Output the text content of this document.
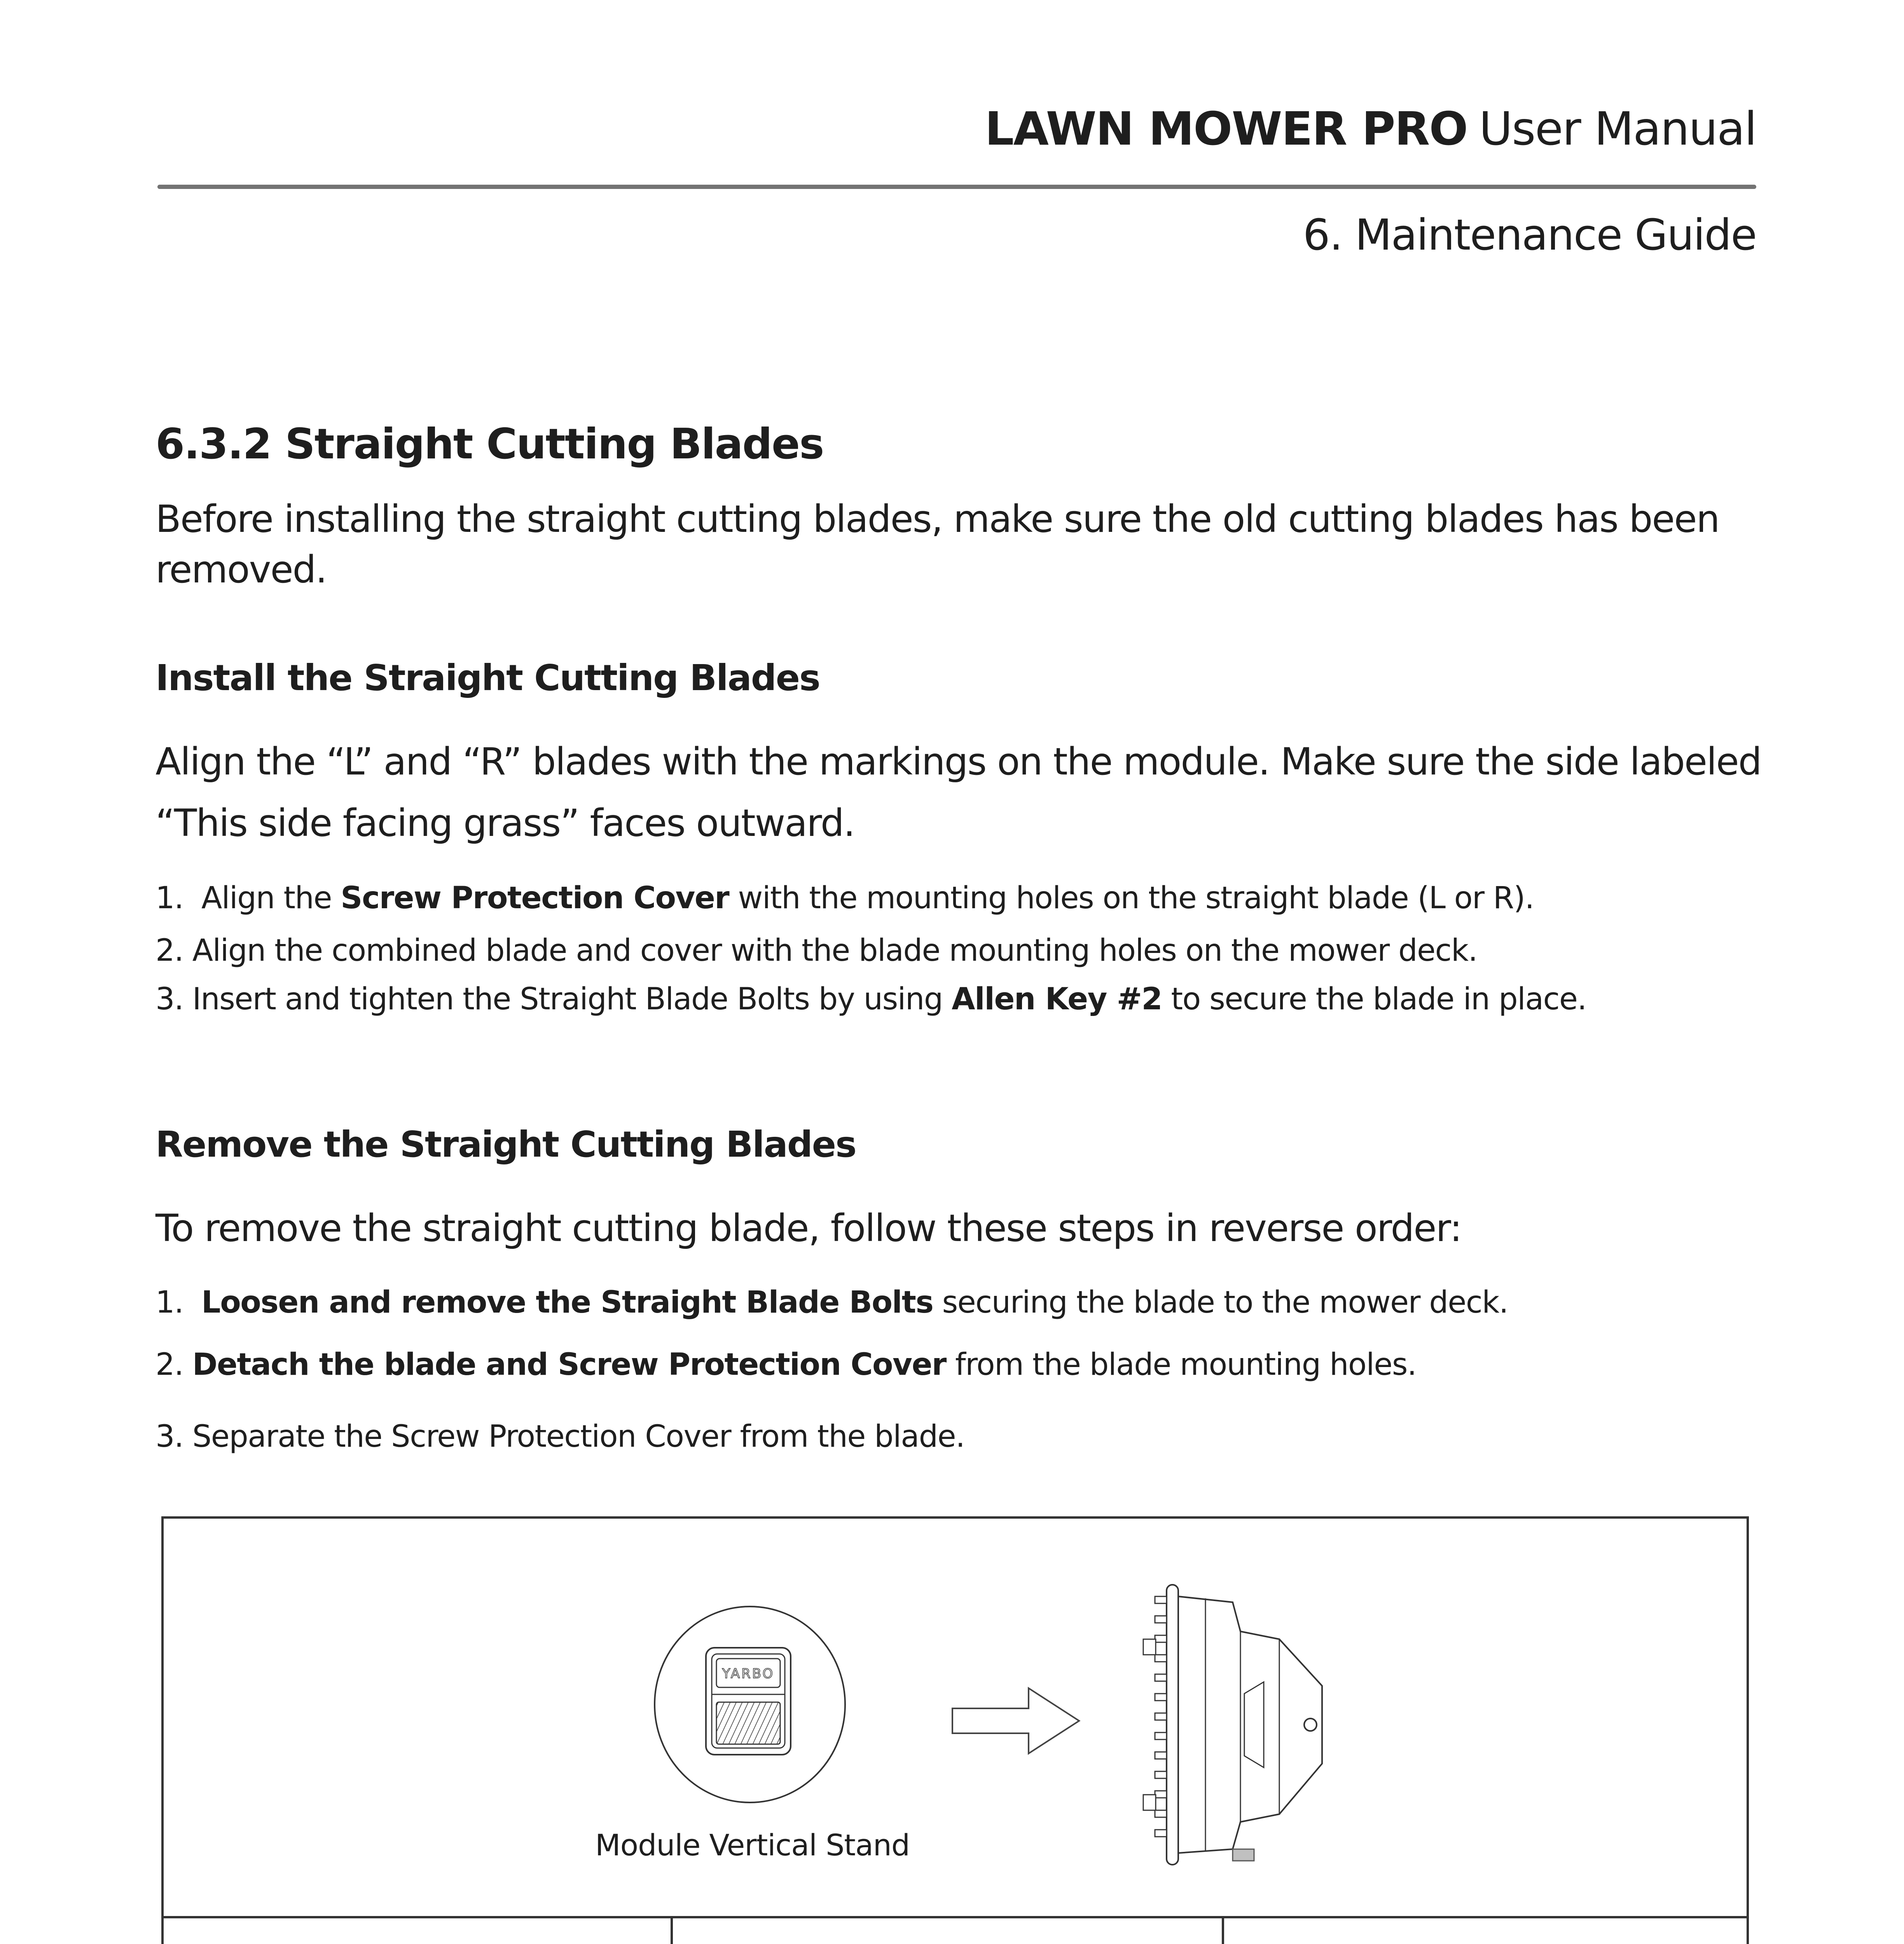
LAWN MOWER PRO User Manual
6. Maintenance Guide
6.3.2 Straight Cutting Blades
Before installing the straight cutting blades, make sure the old cutting blades has been removed.
Install the Straight Cutting Blades
Align the “L” and “R” blades with the markings on the module. Make sure the side labeled “This side facing grass” faces outward.
1. Align the Screw Protection Cover with the mounting holes on the straight blade (L or R).
2. Align the combined blade and cover with the blade mounting holes on the mower deck.
3. Insert and tighten the Straight Blade Bolts by using Allen Key #2 to secure the blade in place.
Remove the Straight Cutting Blades
To remove the straight cutting blade, follow these steps in reverse order:
1. Loosen and remove the Straight Blade Bolts securing the blade to the mower deck.
2. Detach the blade and Screw Protection Cover from the blade mounting holes.
3. Separate the Screw Protection Cover from the blade.
YARBO
Module Vertical Stand
